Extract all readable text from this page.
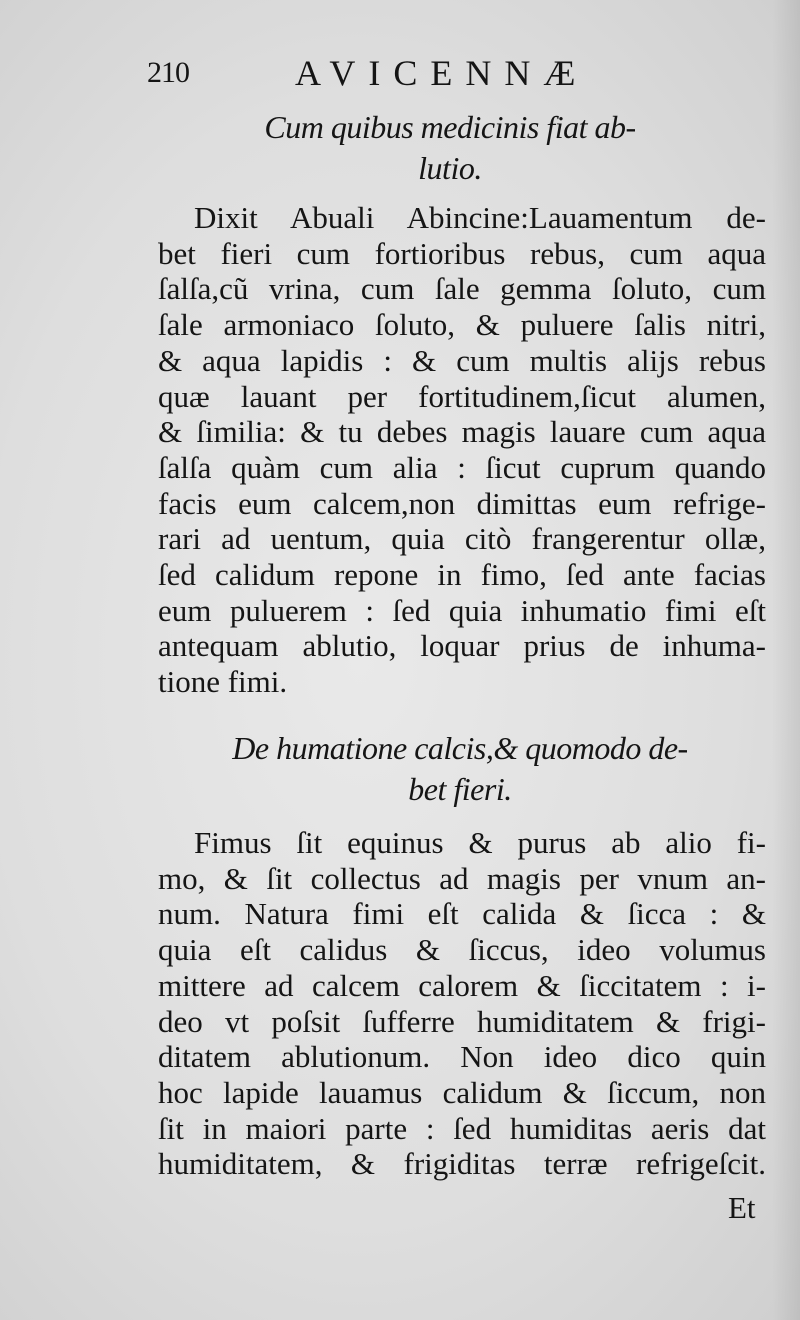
210	AVICENNÆ
Cum quibus medicinis fiat ab-
lutio.
Dixit Abuali Abincine:Lauamentum de-
bet fieri cum fortioribus rebus, cum aqua
ſalſa,cũ vrina, cum ſale gemma ſoluto, cum
ſale armoniaco ſoluto, & puluere ſalis nitri,
& aqua lapidis : & cum multis alijs rebus
quæ lauant per fortitudinem,ſicut alumen,
& ſimilia: & tu debes magis lauare cum aqua
ſalſa quàm cum alia : ſicut cuprum quando
facis eum calcem,non dimittas eum refrige-
rari ad uentum, quia citò frangerentur ollæ,
ſed calidum repone in fimo, ſed ante facias
eum puluerem : ſed quia inhumatio fimi eſt
antequam ablutio, loquar prius de inhuma-
tione fimi.
De humatione calcis,& quomodo de-
bet fieri.
Fimus ſit equinus & purus ab alio fi-
mo, & ſit collectus ad magis per vnum an-
num. Natura fimi eſt calida & ſicca : &
quia eſt calidus & ſiccus, ideo volumus
mittere ad calcem calorem & ſiccitatem : i-
deo vt poſsit ſufferre humiditatem & frigi-
ditatem ablutionum. Non ideo dico quin
hoc lapide lauamus calidum & ſiccum, non
ſit in maiori parte : ſed humiditas aeris dat
humiditatem, & frigiditas terræ refrigeſcit.
Et
